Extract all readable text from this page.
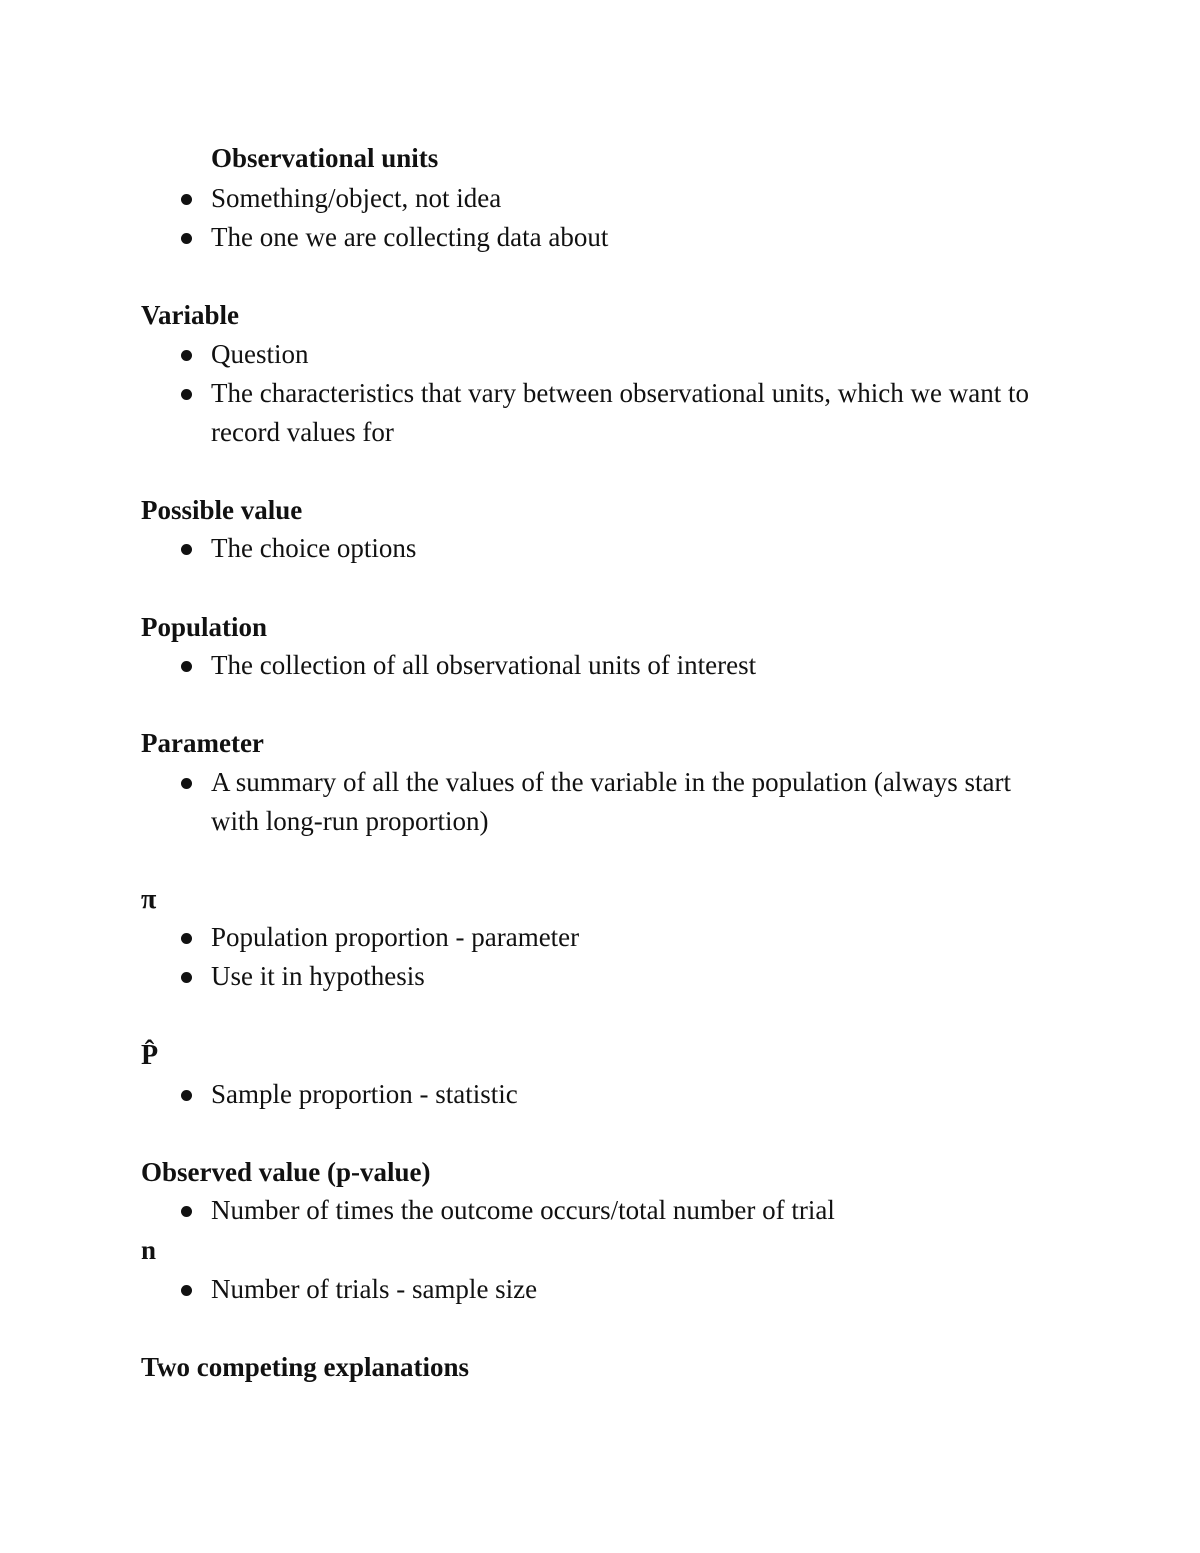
Observational units
Something/object, not idea
The one we are collecting data about
Variable
Question
The characteristics that vary between observational units, which we want to record values for
Possible value
The choice options
Population
The collection of all observational units of interest
Parameter
A summary of all the values of the variable in the population (always start with long-run proportion)
π
Population proportion - parameter
Use it in hypothesis
P̂
Sample proportion - statistic
Observed value (p-value)
Number of times the outcome occurs/total number of trial
n
Number of trials - sample size
Two competing explanations
